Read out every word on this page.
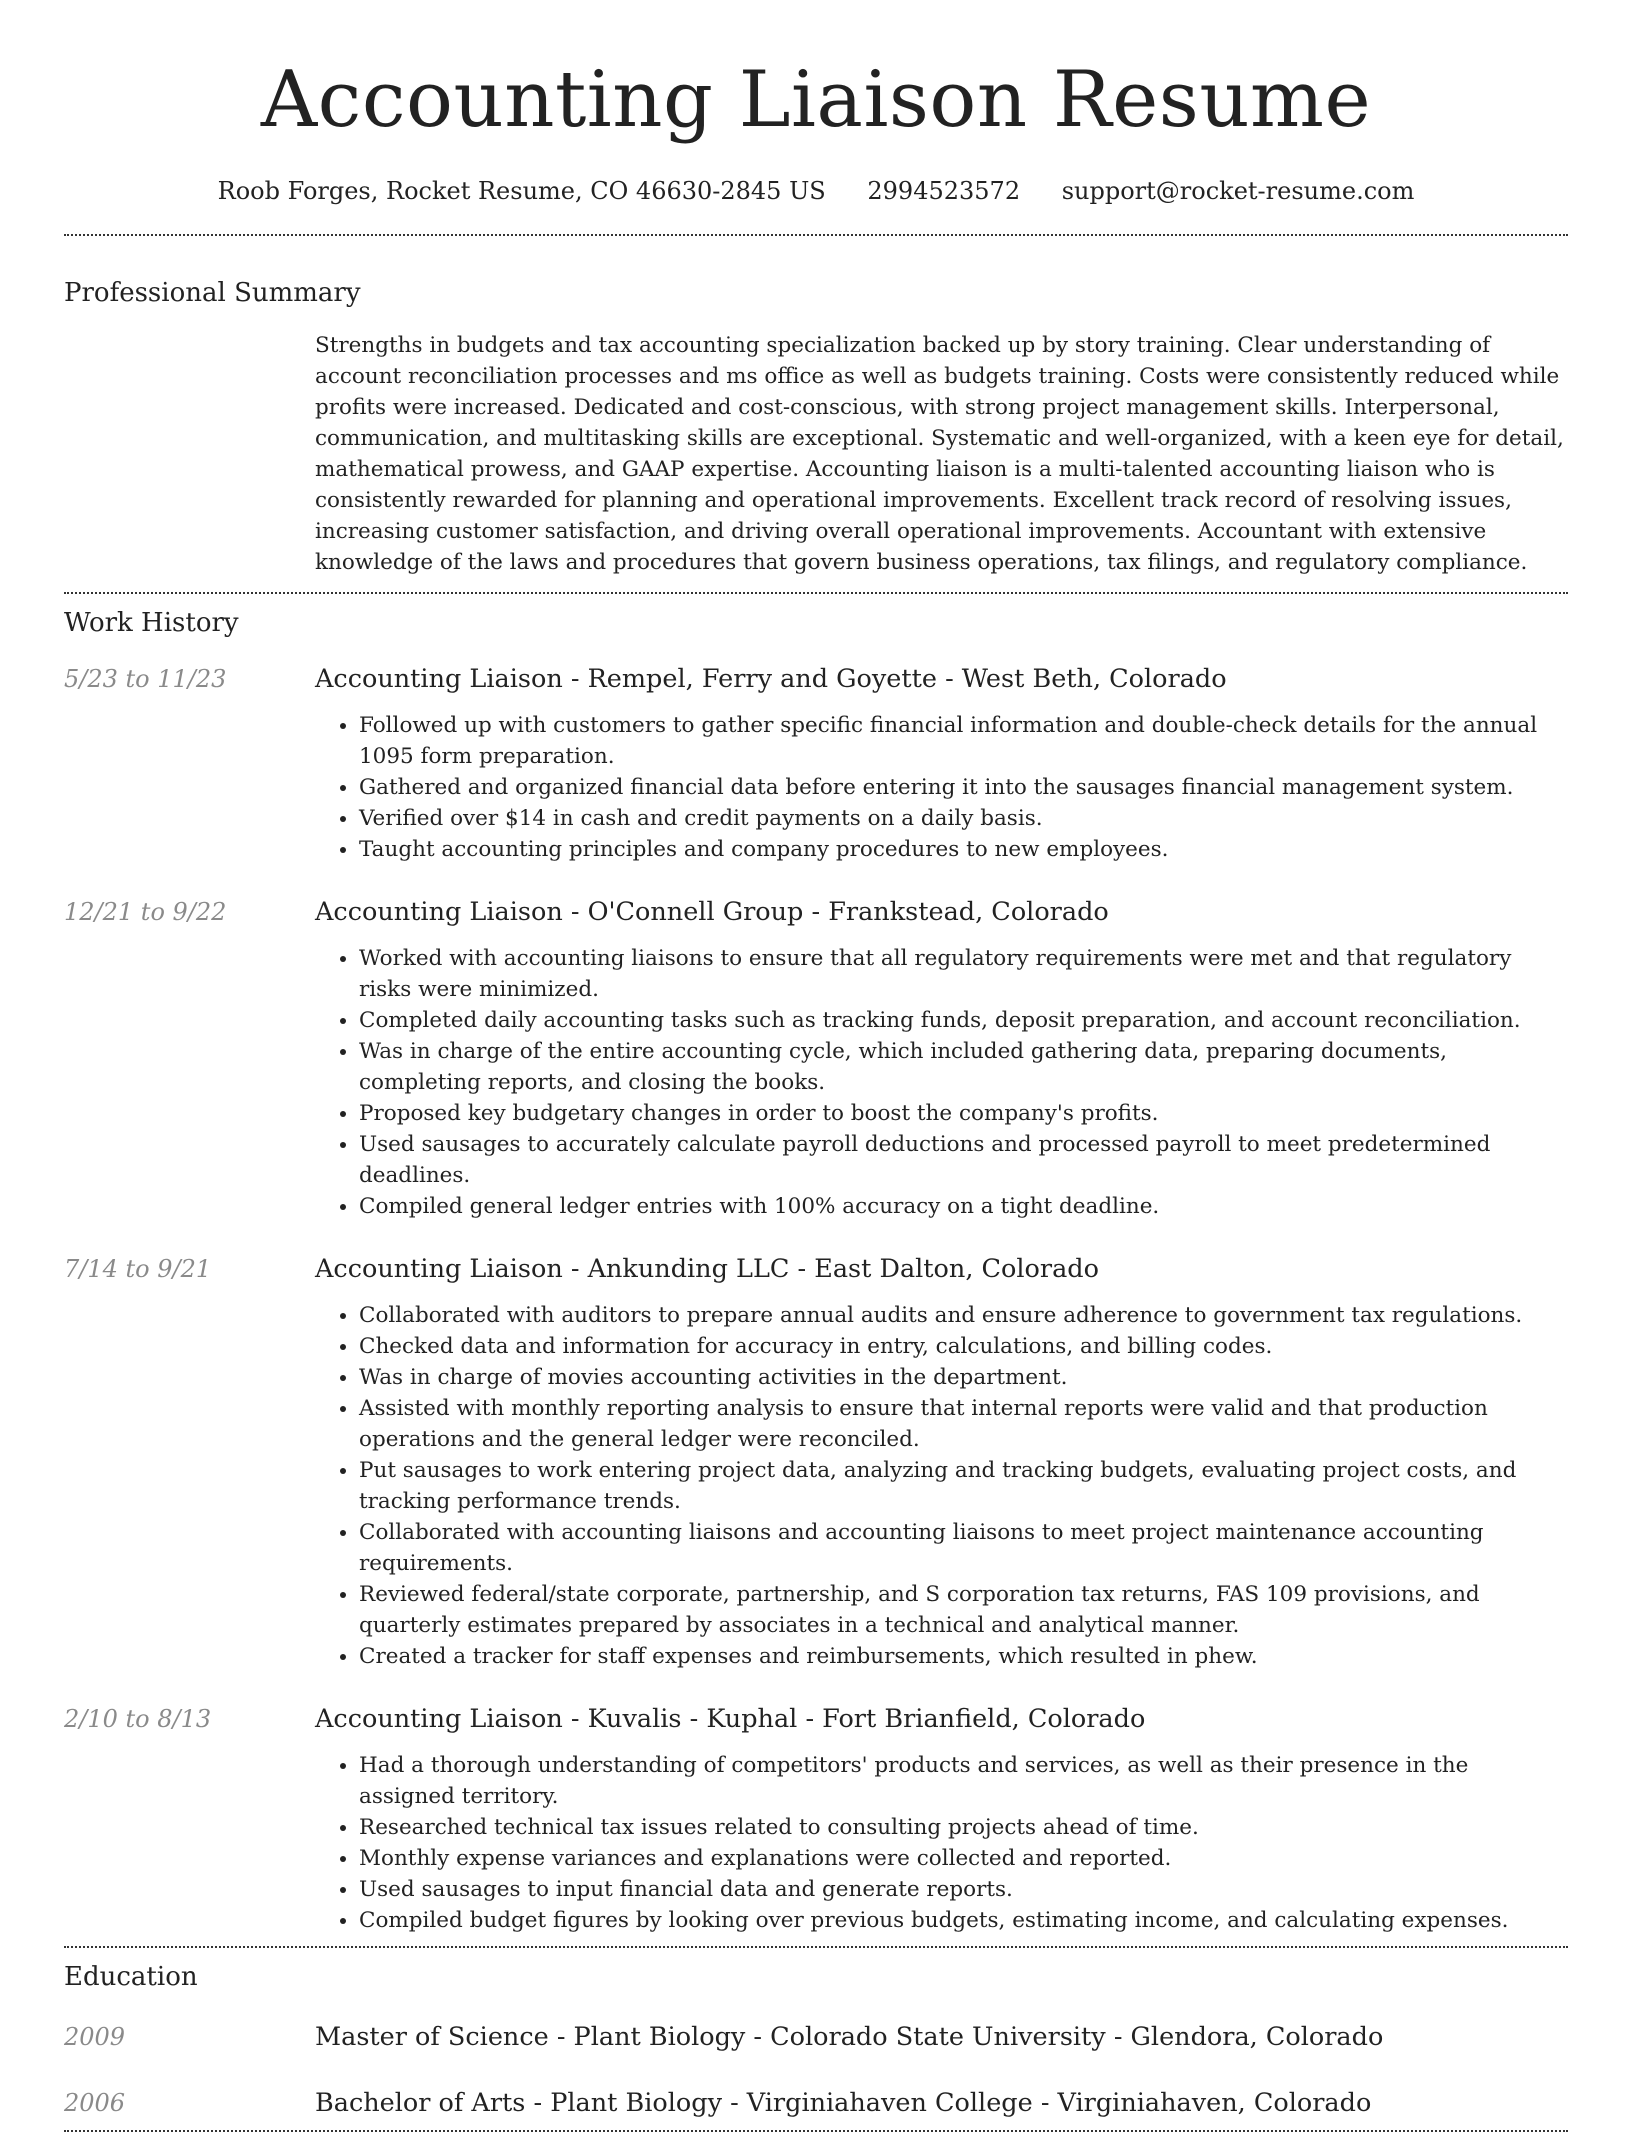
Accounting Liaison Resume
Roob Forges, Rocket Resume, CO 46630-2845 US 2994523572 support@rocket-resume.com
Professional Summary
Strengths in budgets and tax accounting specialization backed up by story training. Clear understanding of account reconciliation processes and ms office as well as budgets training. Costs were consistently reduced while profits were increased. Dedicated and cost-conscious, with strong project management skills. Interpersonal, communication, and multitasking skills are exceptional. Systematic and well-organized, with a keen eye for detail, mathematical prowess, and GAAP expertise. Accounting liaison is a multi-talented accounting liaison who is consistently rewarded for planning and operational improvements. Excellent track record of resolving issues, increasing customer satisfaction, and driving overall operational improvements. Accountant with extensive knowledge of the laws and procedures that govern business operations, tax filings, and regulatory compliance.
Work History
5/23 to 11/23	Accounting Liaison - Rempel, Ferry and Goyette - West Beth, Colorado
• Followed up with customers to gather specific financial information and double-check details for the annual 1095 form preparation.
• Gathered and organized financial data before entering it into the sausages financial management system.
• Verified over $14 in cash and credit payments on a daily basis.
• Taught accounting principles and company procedures to new employees.
12/21 to 9/22	Accounting Liaison - O'Connell Group - Frankstead, Colorado
• Worked with accounting liaisons to ensure that all regulatory requirements were met and that regulatory risks were minimized.
• Completed daily accounting tasks such as tracking funds, deposit preparation, and account reconciliation.
• Was in charge of the entire accounting cycle, which included gathering data, preparing documents, completing reports, and closing the books.
• Proposed key budgetary changes in order to boost the company's profits.
• Used sausages to accurately calculate payroll deductions and processed payroll to meet predetermined deadlines.
• Compiled general ledger entries with 100% accuracy on a tight deadline.
7/14 to 9/21	Accounting Liaison - Ankunding LLC - East Dalton, Colorado
• Collaborated with auditors to prepare annual audits and ensure adherence to government tax regulations.
• Checked data and information for accuracy in entry, calculations, and billing codes.
• Was in charge of movies accounting activities in the department.
• Assisted with monthly reporting analysis to ensure that internal reports were valid and that production operations and the general ledger were reconciled.
• Put sausages to work entering project data, analyzing and tracking budgets, evaluating project costs, and tracking performance trends.
• Collaborated with accounting liaisons and accounting liaisons to meet project maintenance accounting requirements.
• Reviewed federal/state corporate, partnership, and S corporation tax returns, FAS 109 provisions, and quarterly estimates prepared by associates in a technical and analytical manner.
• Created a tracker for staff expenses and reimbursements, which resulted in phew.
2/10 to 8/13	Accounting Liaison - Kuvalis - Kuphal - Fort Brianfield, Colorado
• Had a thorough understanding of competitors' products and services, as well as their presence in the assigned territory.
• Researched technical tax issues related to consulting projects ahead of time.
• Monthly expense variances and explanations were collected and reported.
• Used sausages to input financial data and generate reports.
• Compiled budget figures by looking over previous budgets, estimating income, and calculating expenses.
Education
2009	Master of Science - Plant Biology - Colorado State University - Glendora, Colorado
2006	Bachelor of Arts - Plant Biology - Virginiahaven College - Virginiahaven, Colorado
